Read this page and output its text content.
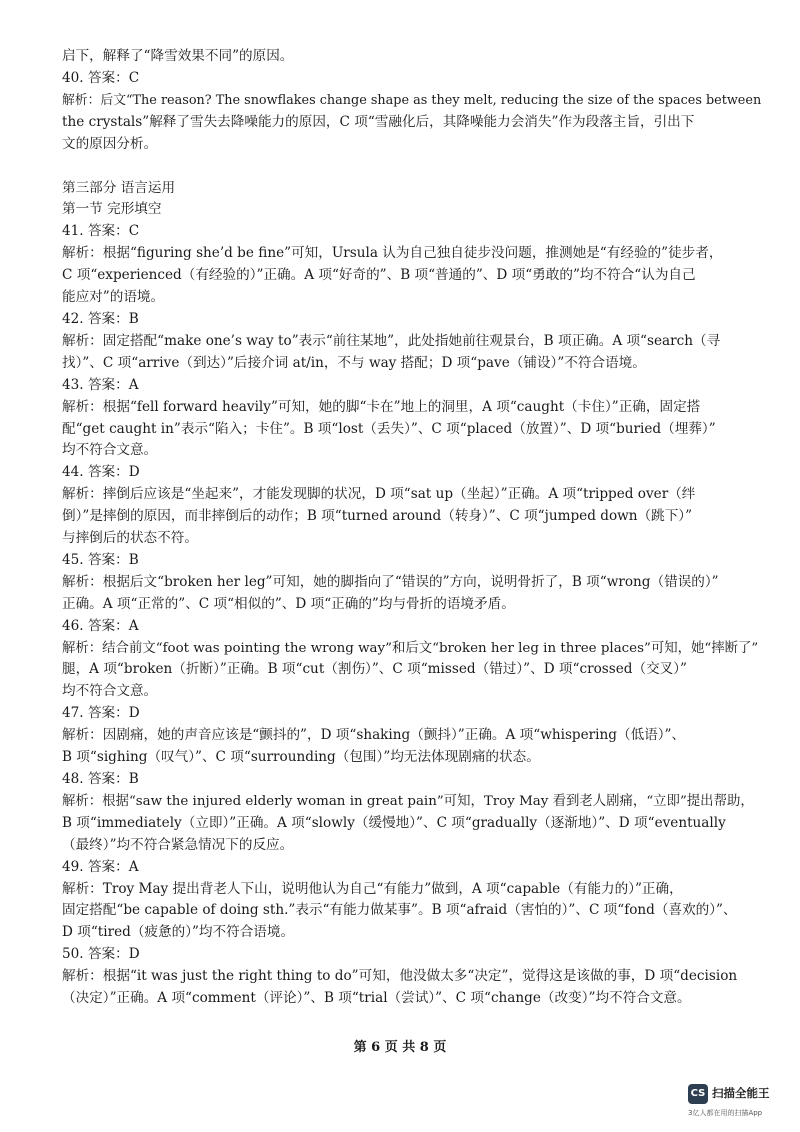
启下，解释了“降雪效果不同”的原因。
40. 答案：C
解析：后文“The reason? The snowflakes change shape as they melt, reducing the size of the spaces between
the crystals”解释了雪失去降噪能力的原因，C 项“雪融化后，其降噪能力会消失”作为段落主旨，引出下
文的原因分析。
第三部分 语言运用
第一节 完形填空
41. 答案：C
解析：根据“figuring she’d be fine”可知，Ursula 认为自己独自徒步没问题，推测她是“有经验的”徒步者，
C 项“experienced（有经验的）”正确。A 项“好奇的”、B 项“普通的”、D 项“勇敢的”均不符合“认为自己
能应对”的语境。
42. 答案：B
解析：固定搭配“make one’s way to”表示“前往某地”，此处指她前往观景台，B 项正确。A 项“search（寻
找）”、C 项“arrive（到达）”后接介词 at/in，不与 way 搭配；D 项“pave（铺设）”不符合语境。
43. 答案：A
解析：根据“fell forward heavily”可知，她的脚“卡在”地上的洞里，A 项“caught（卡住）”正确，固定搭
配“get caught in”表示“陷入；卡住”。B 项“lost（丢失）”、C 项“placed（放置）”、D 项“buried（埋葬）”
均不符合文意。
44. 答案：D
解析：摔倒后应该是“坐起来”，才能发现脚的状况，D 项“sat up（坐起）”正确。A 项“tripped over（绊
倒）”是摔倒的原因，而非摔倒后的动作；B 项“turned around（转身）”、C 项“jumped down（跳下）”
与摔倒后的状态不符。
45. 答案：B
解析：根据后文“broken her leg”可知，她的脚指向了“错误的”方向，说明骨折了，B 项“wrong（错误的）”
正确。A 项“正常的”、C 项“相似的”、D 项“正确的”均与骨折的语境矛盾。
46. 答案：A
解析：结合前文“foot was pointing the wrong way”和后文“broken her leg in three places”可知，她“摔断了”
腿，A 项“broken（折断）”正确。B 项“cut（割伤）”、C 项“missed（错过）”、D 项“crossed（交叉）”
均不符合文意。
47. 答案：D
解析：因剧痛，她的声音应该是“颤抖的”，D 项“shaking（颤抖）”正确。A 项“whispering（低语）”、
B 项“sighing（叹气）”、C 项“surrounding（包围）”均无法体现剧痛的状态。
48. 答案：B
解析：根据“saw the injured elderly woman in great pain”可知，Troy May 看到老人剧痛，“立即”提出帮助，
B 项“immediately（立即）”正确。A 项“slowly（缓慢地）”、C 项“gradually（逐渐地）”、D 项“eventually
（最终）”均不符合紧急情况下的反应。
49. 答案：A
解析：Troy May 提出背老人下山，说明他认为自己“有能力”做到，A 项“capable（有能力的）”正确，
固定搭配“be capable of doing sth.”表示“有能力做某事”。B 项“afraid（害怕的）”、C 项“fond（喜欢的）”、
D 项“tired（疲惫的）”均不符合语境。
50. 答案：D
解析：根据“it was just the right thing to do”可知，他没做太多“决定”，觉得这是该做的事，D 项“decision
（决定）”正确。A 项“comment（评论）”、B 项“trial（尝试）”、C 项“change（改变）”均不符合文意。
第 6 页 共 8 页
CS 扫描全能王
3亿人都在用的扫描App
